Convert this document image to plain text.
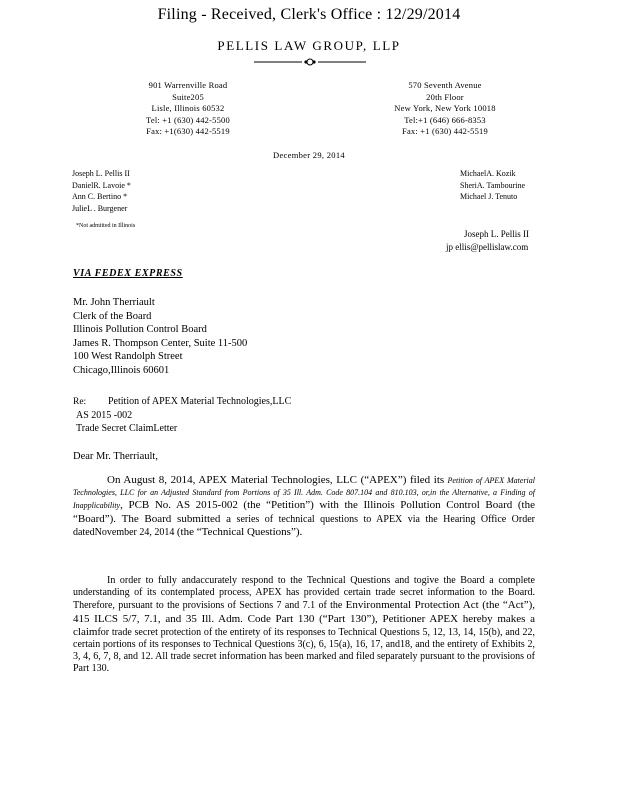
Filing - Received, Clerk's Office : 12/29/2014
PELLIS LAW GROUP, LLP
901 Warrenville Road
Suite205
Lisle, Illinois 60532
Tel: +1 (630) 442-5500
Fax: +1(630) 442-5519
570 Seventh Avenue
20th Floor
New York, New York 10018
Tel:+1 (646) 666-8353
Fax: +1 (630) 442-5519
December 29, 2014
Joseph L. Pellis II
DanielR. Lavoie *
Ann C. Bertino *
JulieL . Burgener
MichaelA. Kozik
SheriA. Tambourine
Michael J. Tenuto
*Not admitted in Illinois
Joseph L. Pellis II
jp ellis@pellislaw.com
VIA FEDEX EXPRESS
Mr. John Therriault
Clerk of the Board
Illinois Pollution Control Board
James R. Thompson Center, Suite 11-500
100 West Randolph Street
Chicago,Illinois 60601
Re:	Petition of APEX Material Technologies,LLC
AS 2015 -002
Trade Secret ClaimLetter
Dear Mr. Therriault,
On August 8, 2014, APEX Material Technologies, LLC (“APEX”) filed its Petition of APEX Material Technologies, LLC for an Adjusted Standard from Portions of 35 Ill. Adm. Code 807.104 and 810.103, or,in the Alternative, a Finding of Inapplicability, PCB No. AS 2015-002 (the “Petition”) with the Illinois Pollution Control Board (the “Board”). The Board submitted a series of technical questions to APEX via the Hearing Office Order datedNovember 24, 2014 (the “Technical Questions”).
In order to fully andaccurately respond to the Technical Questions and togive the Board a complete understanding of its contemplated process, APEX has provided certain trade secret information to the Board. Therefore, pursuant to the provisions of Sections 7 and 7.1 of the Environmental Protection Act (the “Act”), 415 ILCS 5/7, 7.1, and 35 Ill. Adm. Code Part 130 (“Part 130”), Petitioner APEX hereby makes a claimfor trade secret protection of the entirety of its responses to Technical Questions 5, 12, 13, 14, 15(b), and 22, certain portions of its responses to Technical Questions 3(c), 6, 15(a), 16, 17, and18, and the entirety of Exhibits 2, 3, 4, 6, 7, 8, and 12. All trade secret information has been marked and filed separately pursuant to the provisions of Part 130.
